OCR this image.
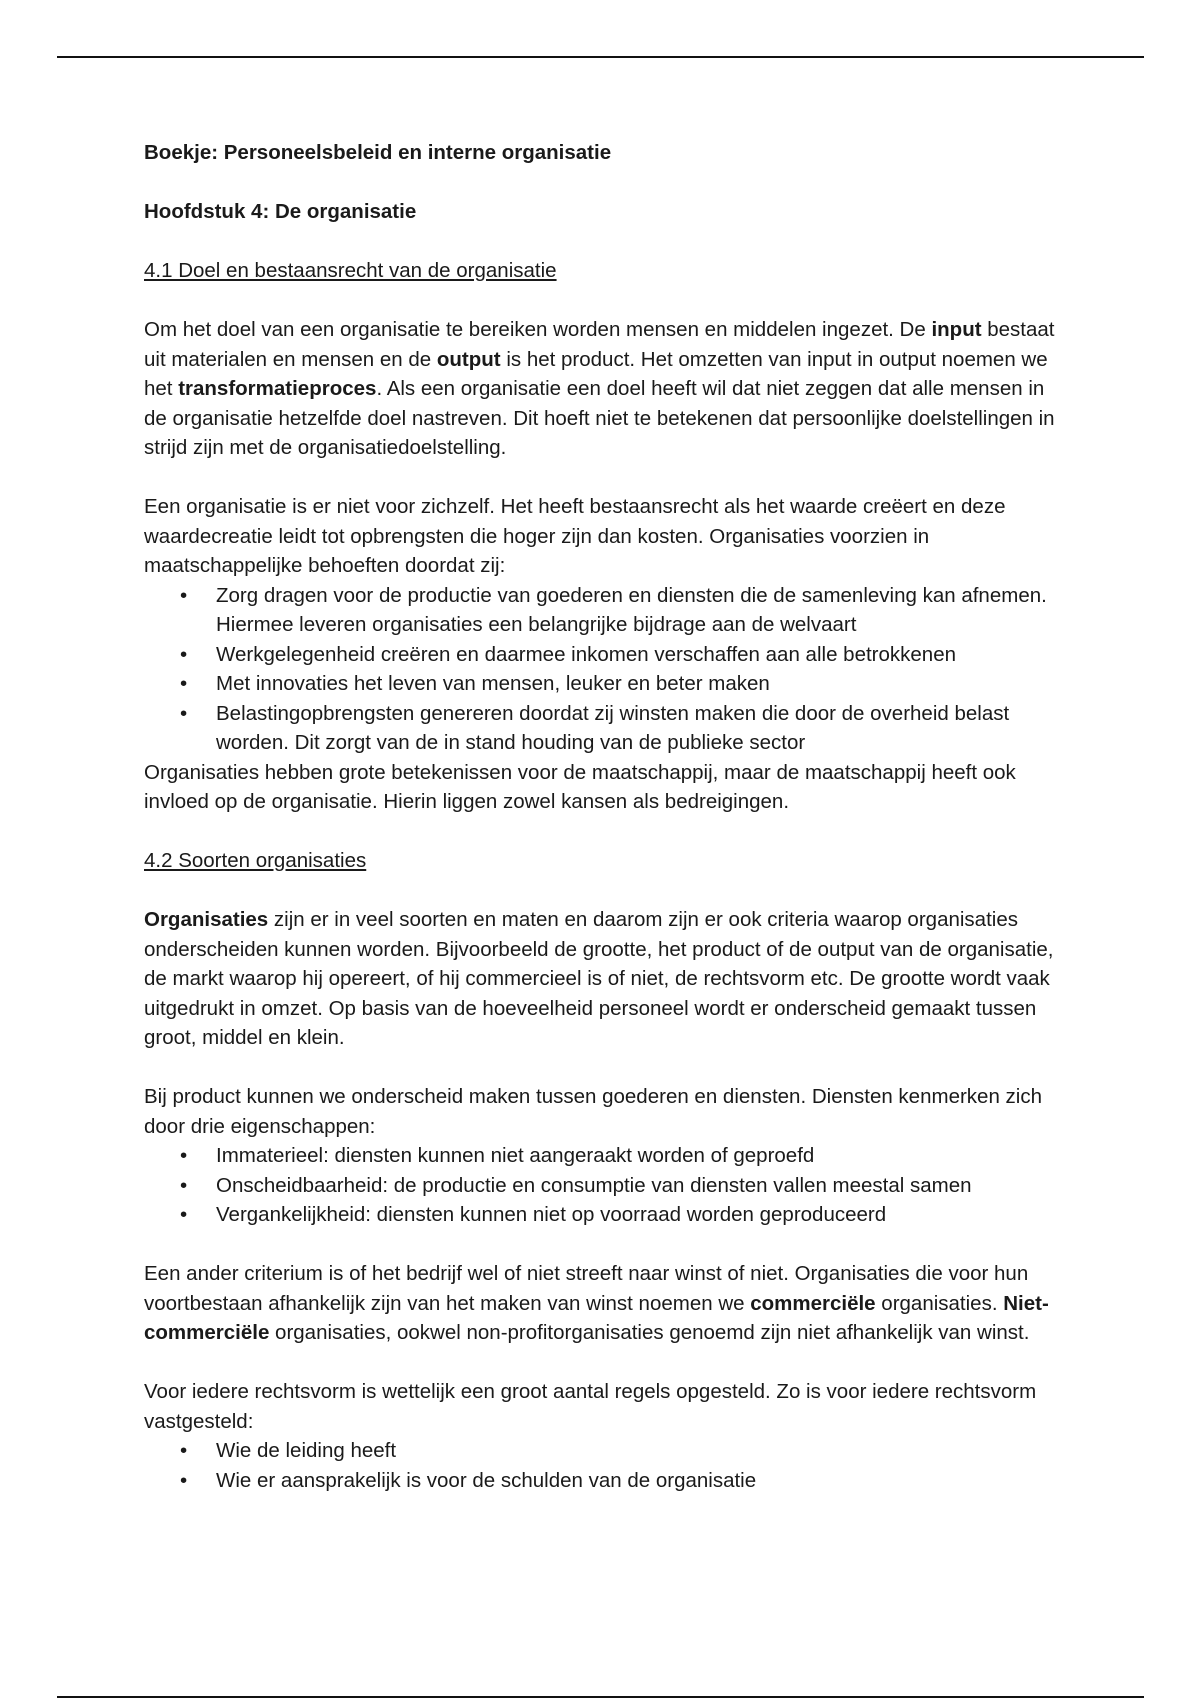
Boekje: Personeelsbeleid en interne organisatie
Hoofdstuk 4: De organisatie
4.1 Doel en bestaansrecht van de organisatie

Om het doel van een organisatie te bereiken worden mensen en middelen ingezet. De input bestaat uit materialen en mensen en de output is het product. Het omzetten van input in output noemen we het transformatieproces. Als een organisatie een doel heeft wil dat niet zeggen dat alle mensen in de organisatie hetzelfde doel nastreven. Dit hoeft niet te betekenen dat persoonlijke doelstellingen in strijd zijn met de organisatiedoelstelling.

Een organisatie is er niet voor zichzelf. Het heeft bestaansrecht als het waarde creëert en deze waardecreatie leidt tot opbrengsten die hoger zijn dan kosten. Organisaties voorzien in maatschappelijke behoeften doordat zij:

• Zorg dragen voor de productie van goederen en diensten die de samenleving kan afnemen. Hiermee leveren organisaties een belangrijke bijdrage aan de welvaart
• Werkgelegenheid creëren en daarmee inkomen verschaffen aan alle betrokkenen
• Met innovaties het leven van mensen, leuker en beter maken
• Belastingopbrengsten genereren doordat zij winsten maken die door de overheid belast worden. Dit zorgt van de in stand houding van de publieke sector

Organisaties hebben grote betekenissen voor de maatschappij, maar de maatschappij heeft ook invloed op de organisatie. Hierin liggen zowel kansen als bedreigingen.

4.2 Soorten organisaties

Organisaties zijn er in veel soorten en maten en daarom zijn er ook criteria waarop organisaties onderscheiden kunnen worden. Bijvoorbeeld de grootte, het product of de output van de organisatie, de markt waarop hij opereert, of hij commercieel is of niet, de rechtsvorm etc. De grootte wordt vaak uitgedrukt in omzet. Op basis van de hoeveelheid personeel wordt er onderscheid gemaakt tussen groot, middel en klein.

Bij product kunnen we onderscheid maken tussen goederen en diensten. Diensten kenmerken zich door drie eigenschappen:

• Immaterieel: diensten kunnen niet aangeraakt worden of geproefd
• Onscheidbaarheid: de productie en consumptie van diensten vallen meestal samen
• Vergankelijkheid: diensten kunnen niet op voorraad worden geproduceerd

Een ander criterium is of het bedrijf wel of niet streeft naar winst of niet. Organisaties die voor hun voortbestaan afhankelijk zijn van het maken van winst noemen we commerciële organisaties. Niet-commerciële organisaties, ookwel non-profitorganisaties genoemd zijn niet afhankelijk van winst.

Voor iedere rechtsvorm is wettelijk een groot aantal regels opgesteld. Zo is voor iedere rechtsvorm vastgesteld:

• Wie de leiding heeft
• Wie er aansprakelijk is voor de schulden van de organisatie
